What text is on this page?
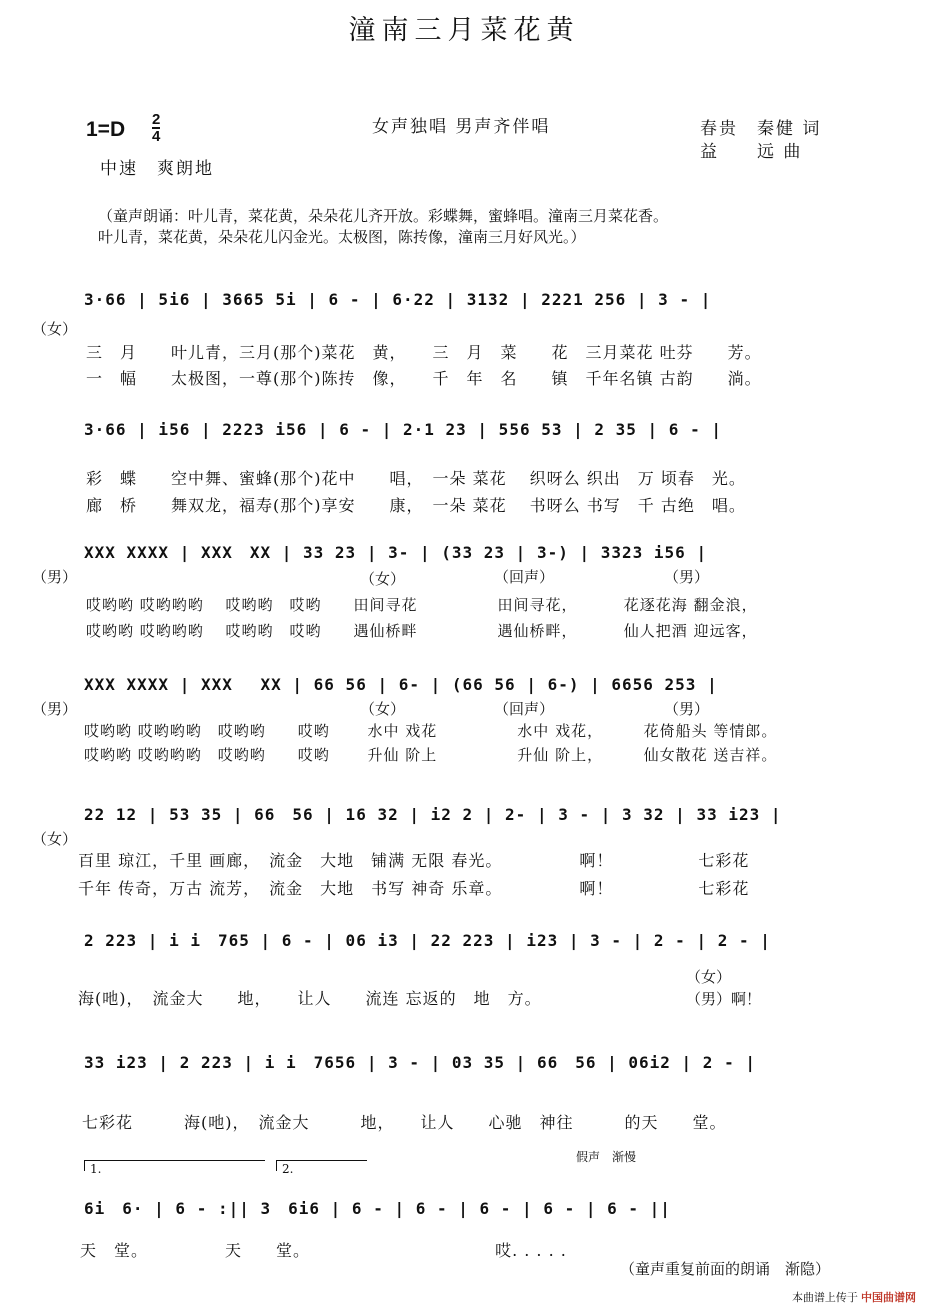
潼南三月菜花黄
1=D 2
4
中速　爽朗地
女声独唱 男声齐伴唱	春贵　秦健 词
益　　远 曲
（童声朗诵：叶儿青，菜花黄，朵朵花儿齐开放。彩蝶舞，蜜蜂唱。潼南三月菜花香。
叶儿青，菜花黄，朵朵花儿闪金光。太极图，陈抟像，潼南三月好风光。）
3·66 | 5i6 | 3665 5i | 6 - | 6·22 | 3132 | 2221 256 | 3 - |
（女）
三　月　　叶儿青，三月(那个)菜花　黄，　　三　月　菜　　花　三月菜花 吐芬　　芳。
一　幅　　太极图，一尊(那个)陈抟　像，　　千　年　名　　镇　千年名镇 古韵　　淌。
3·66 | i56 | 2223 i56 | 6 - | 2·1 23 | 556 53 | 2 35 | 6 - |
彩　蝶　　空中舞、蜜蜂(那个)花中　　唱，　一朵 菜花　 织呀么 织出　万 顷春　光。
廊　桥　　舞双龙，福寿(那个)享安　　康，　一朵 菜花　 书呀么 书写　千 古绝　唱。
XXX XXXX | XXX　XX | 33 23 | 3- | (33 23 | 3-) | 3323 i56 |
（男）	（女）	（回声）	（男）
哎哟哟 哎哟哟哟　 哎哟哟　哎哟　　田间寻花　　　　　田间寻花，　　　 花逐花海 翻金浪，
哎哟哟 哎哟哟哟　 哎哟哟　哎哟　　遇仙桥畔　　　　　遇仙桥畔，　　　 仙人把酒 迎远客，
XXX XXXX | XXX　 XX | 66 56 | 6- | (66 56 | 6-) | 6656 253 |
（男）	（女）	（回声）	（男）
哎哟哟 哎哟哟哟　哎哟哟　　哎哟　　 水中 戏花　　　　　水中 戏花，　　　花倚船头 等情郎。
哎哟哟 哎哟哟哟　哎哟哟　　哎哟　　 升仙 阶上　　　　　升仙 阶上，　　　仙女散花 送吉祥。
22 12 | 53 35 | 66　56 | 16 32 | i2 2 | 2- | 3 - | 3 32 | 33 i23 |
（女）
百里 琼江，千里 画廊，　流金　大地　铺满 无限 春光。　　　　　啊！　　　　　七彩花
千年 传奇，万古 流芳，　流金　大地　书写 神奇 乐章。　　　　　啊！　　　　　七彩花
2 223 | i i　765 | 6 - | 06 i3 | 22 223 | i23 | 3 - | 2 - | 2 - |
海(吔)，　流金大　　地，　　让人　　流连 忘返的　地　方。
（女）
（男）啊！
33 i23 | 2 223 | i i　7656 | 3 - | 03 35 | 66　56 | 06i2 | 2 - |
七彩花　　　海(吔)，　流金大　　　地，　　让人　　心驰　神往　　　的天　　堂。
1.	2.
假声　渐慢
6i　6· | 6 - :|| 3　6i6 | 6 - | 6 - | 6 - | 6 - | 6 - ||
天　堂。　　　　　天　　堂。　　　　　　　　　　　 哎. . . . .
（童声重复前面的朗诵　渐隐）
本曲谱上传于 中国曲谱网
